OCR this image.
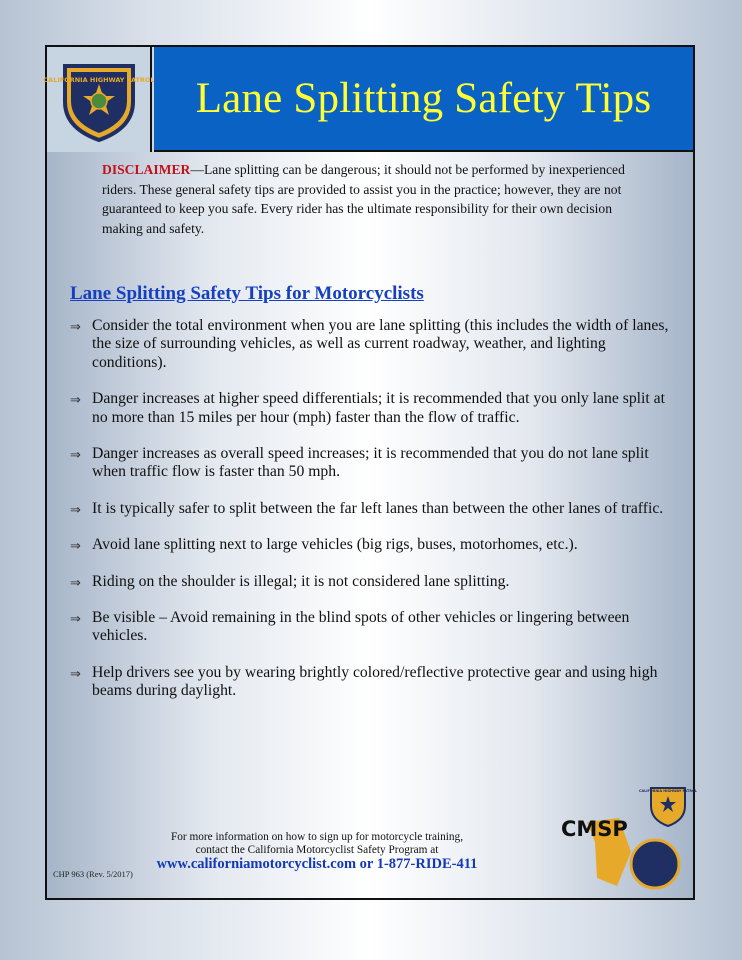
CALIFORNIA HIGHWAY PATROL Lane Splitting Safety Tips
DISCLAIMER—Lane splitting can be dangerous; it should not be performed by inexperienced riders. These general safety tips are provided to assist you in the practice; however, they are not guaranteed to keep you safe. Every rider has the ultimate responsibility for their own decision making and safety.
Lane Splitting Safety Tips for Motorcyclists
⇒ Consider the total environment when you are lane splitting (this includes the width of lanes, the size of surrounding vehicles, as well as current roadway, weather, and lighting conditions).
⇒ Danger increases at higher speed differentials; it is recommended that you only lane split at no more than 15 miles per hour (mph) faster than the flow of traffic.
⇒ Danger increases as overall speed increases; it is recommended that you do not lane split when traffic flow is faster than 50 mph.
⇒ It is typically safer to split between the far left lanes than between the other lanes of traffic.
⇒ Avoid lane splitting next to large vehicles (big rigs, buses, motorhomes, etc.).
⇒ Riding on the shoulder is illegal; it is not considered lane splitting.
⇒ Be visible – Avoid remaining in the blind spots of other vehicles or lingering between vehicles.
⇒ Help drivers see you by wearing brightly colored/reflective protective gear and using high beams during daylight.
For more information on how to sign up for motorcycle training,
contact the California Motorcyclist Safety Program at
www.californiamotorcyclist.com or 1-877-RIDE-411
CHP 963 (Rev. 5/2017)
CMSP
CALIFORNIA HIGHWAY PATROL
